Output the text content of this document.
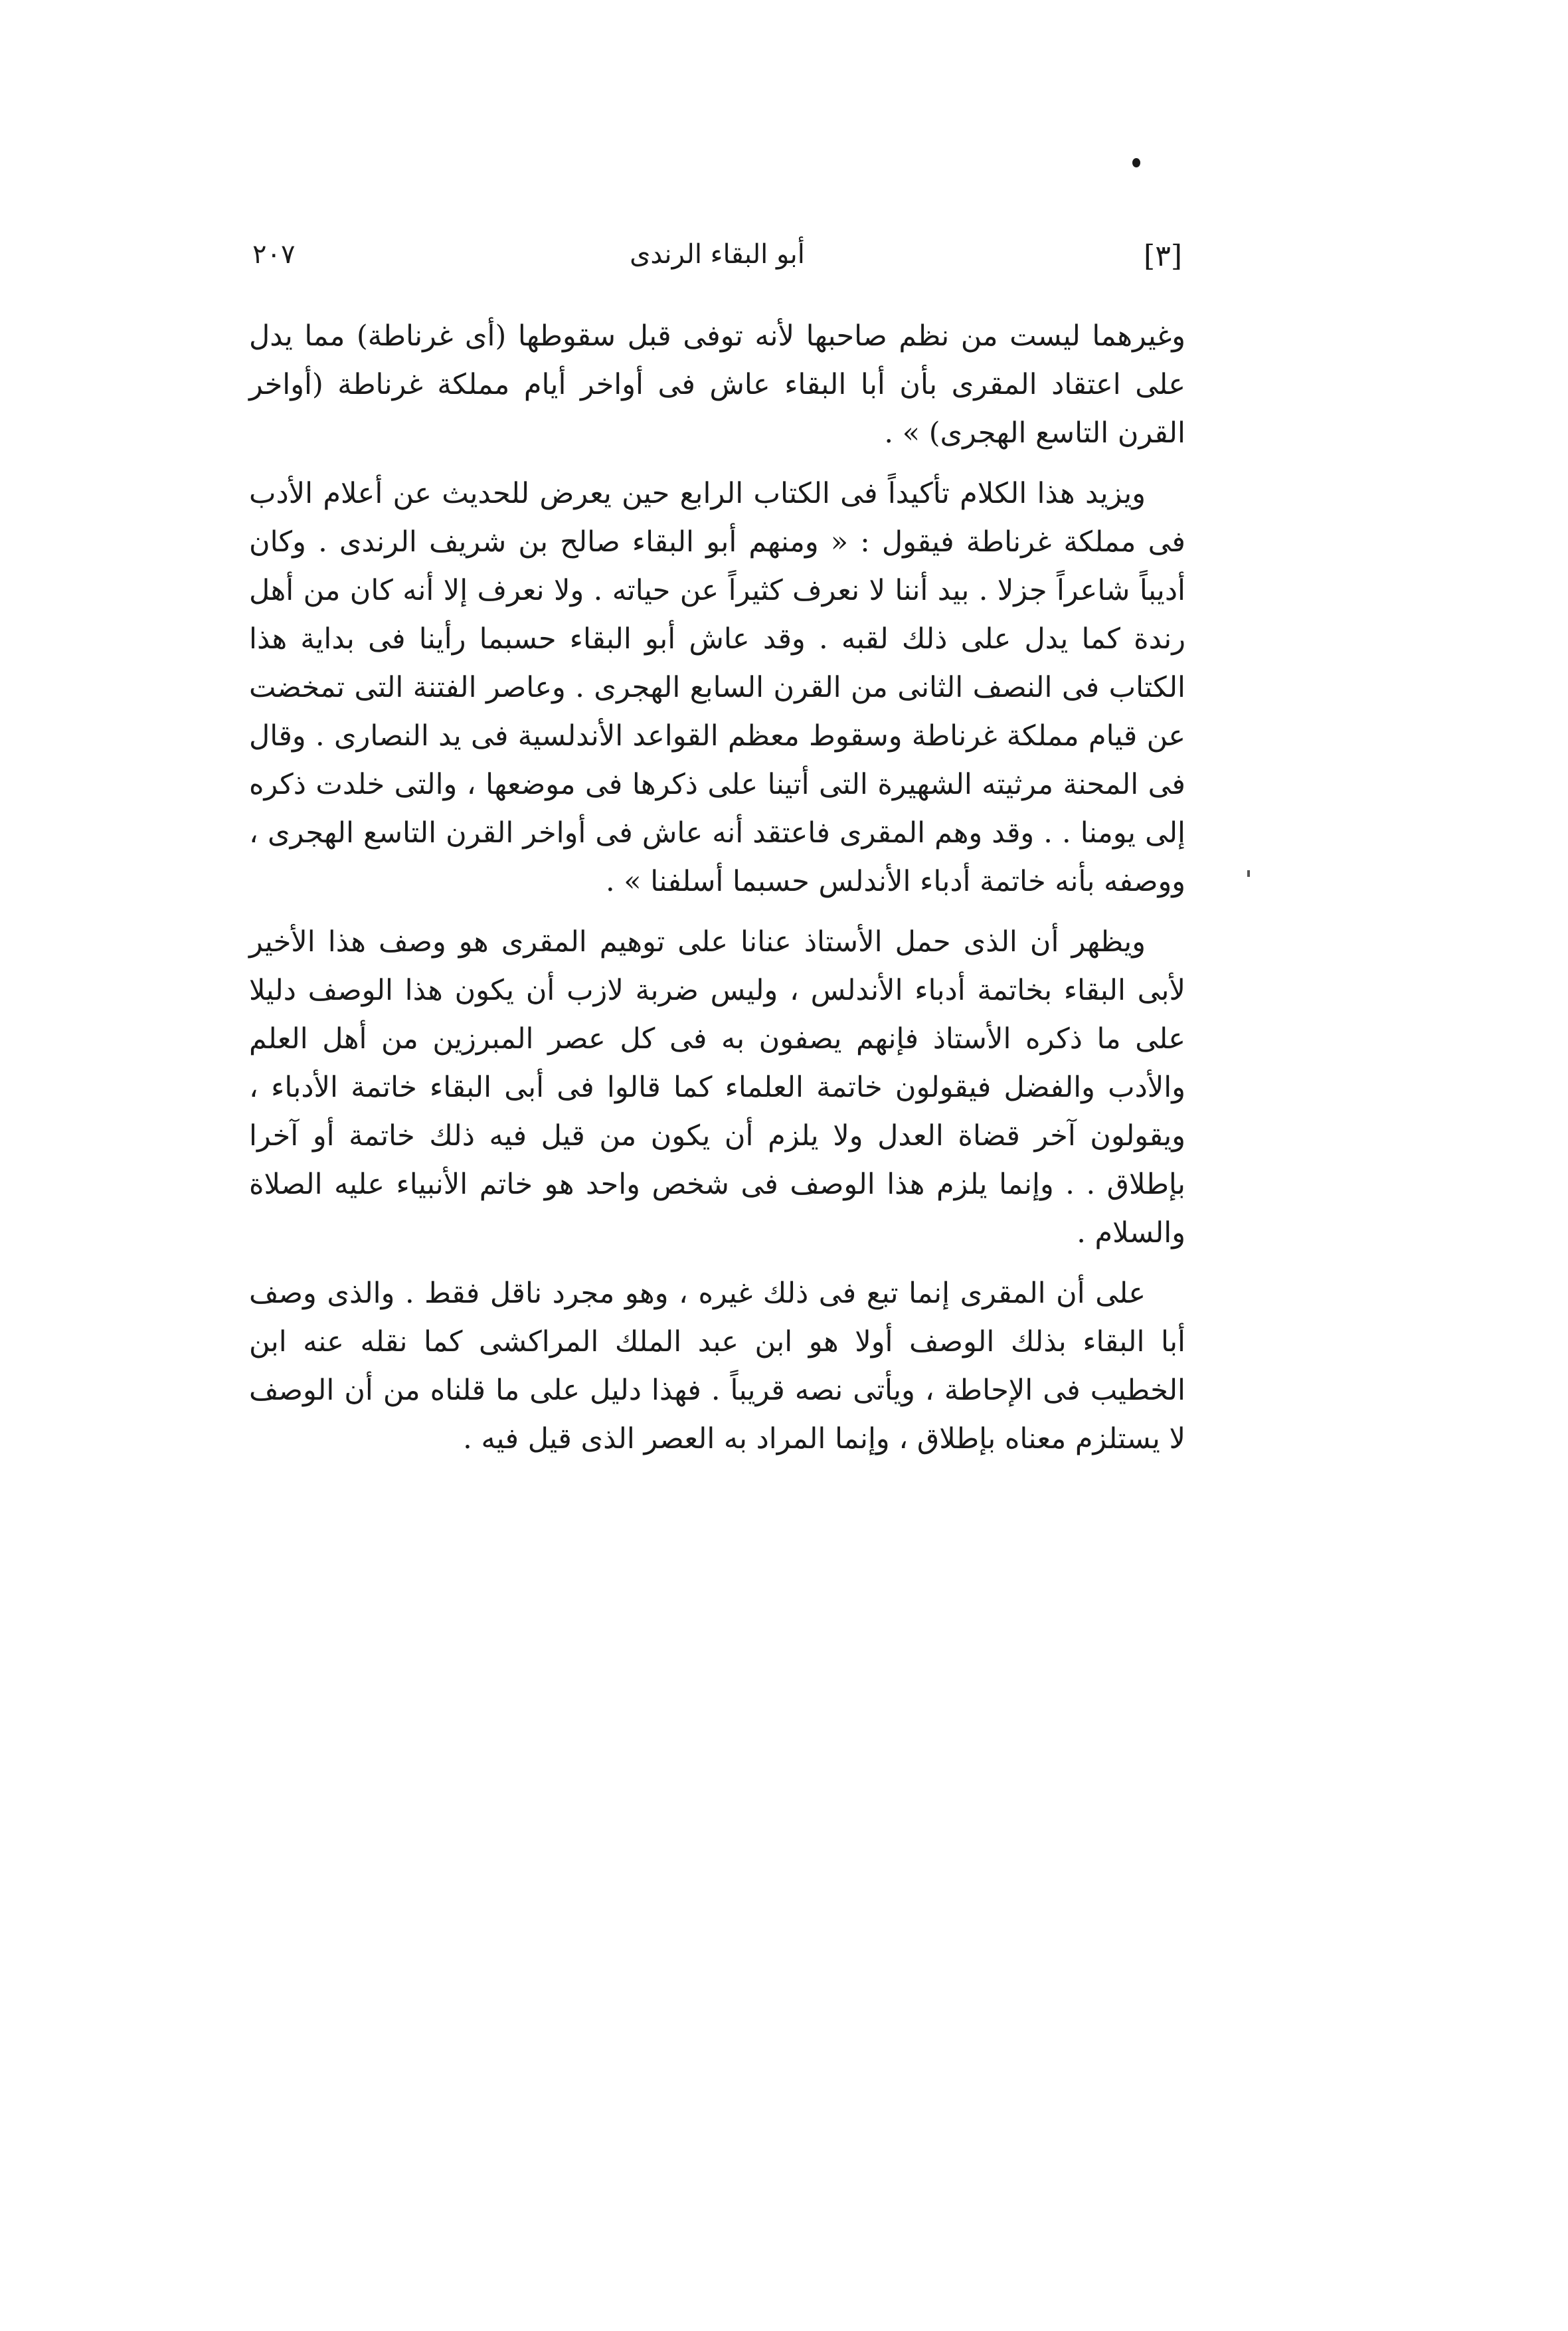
[٣]
أبو البقاء الرندى
٢٠٧

وغيرهما ليست من نظم صاحبها لأنه توفى قبل سقوطها (أى غرناطة) مما يدل على اعتقاد المقرى بأن أبا البقاء عاش فى أواخر أيام مملكة غرناطة (أواخر القرن التاسع الهجرى) » .

ويزيد هذا الكلام تأكيداً فى الكتاب الرابع حين يعرض للحديث عن أعلام الأدب فى مملكة غرناطة فيقول : « ومنهم أبو البقاء صالح بن شريف الرندى . وكان أديباً شاعراً جزلا . بيد أننا لا نعرف كثيراً عن حياته . ولا نعرف إلا أنه كان من أهل رندة كما يدل على ذلك لقبه . وقد عاش أبو البقاء حسبما رأينا فى بداية هذا الكتاب فى النصف الثانى من القرن السابع الهجرى . وعاصر الفتنة التى تمخضت عن قيام مملكة غرناطة وسقوط معظم القواعد الأندلسية فى يد النصارى . وقال فى المحنة مرثيته الشهيرة التى أتينا على ذكرها فى موضعها ، والتى خلدت ذكره إلى يومنا . . وقد وهم المقرى فاعتقد أنه عاش فى أواخر القرن التاسع الهجرى ، ووصفه بأنه خاتمة أدباء الأندلس حسبما أسلفنا » .

ويظهر أن الذى حمل الأستاذ عنانا على توهيم المقرى هو وصف هذا الأخير لأبى البقاء بخاتمة أدباء الأندلس ، وليس ضربة لازب أن يكون هذا الوصف دليلا على ما ذكره الأستاذ فإنهم يصفون به فى كل عصر المبرزين من أهل العلم والأدب والفضل فيقولون خاتمة العلماء كما قالوا فى أبى البقاء خاتمة الأدباء ، ويقولون آخر قضاة العدل ولا يلزم أن يكون من قيل فيه ذلك خاتمة أو آخرا بإطلاق . . وإنما يلزم هذا الوصف فى شخص واحد هو خاتم الأنبياء عليه الصلاة والسلام .

على أن المقرى إنما تبع فى ذلك غيره ، وهو مجرد ناقل فقط . والذى وصف أبا البقاء بذلك الوصف أولا هو ابن عبد الملك المراكشى كما نقله عنه ابن الخطيب فى الإحاطة ، ويأتى نصه قريباً . فهذا دليل على ما قلناه من أن الوصف لا يستلزم معناه بإطلاق ، وإنما المراد به العصر الذى قيل فيه .
